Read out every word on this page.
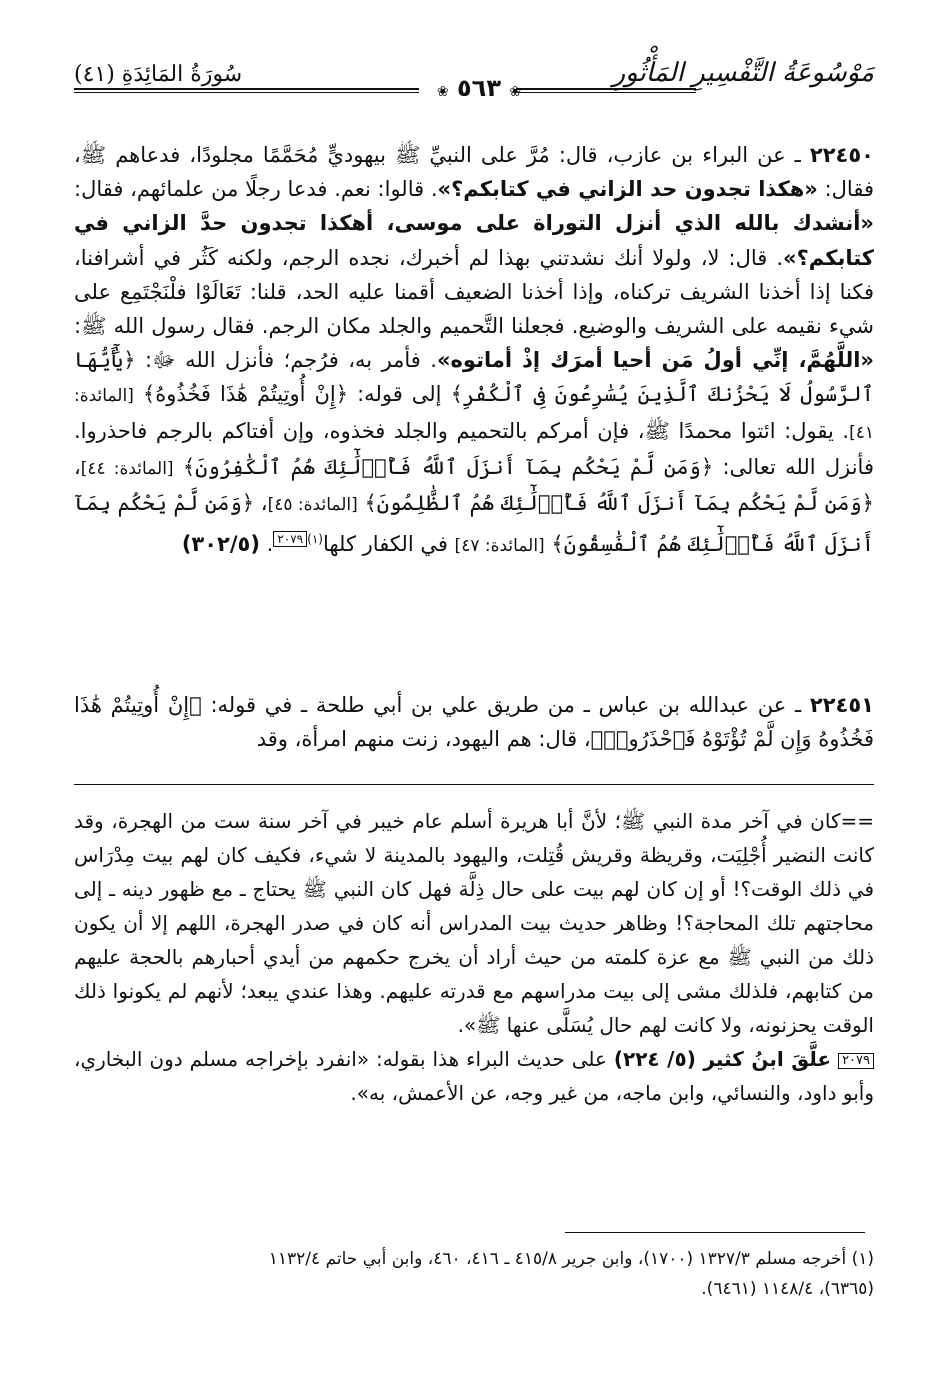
سُورَةُ المَائِدَةِ (٤١)
❀ ٥٦٣ ❀
مَوْسُوعَةُ التَّفْسِيرِ المَأْثُورِ

٢٢٤٥٠ ـ عن البراء بن عازب، قال: مُرَّ على النبيِّ ﷺ بيهوديٍّ مُحَمَّمًا مجلودًا، فدعاهم ﷺ، فقال: «هكذا تجدون حد الزاني في كتابكم؟». قالوا: نعم. فدعا رجلًا من علمائهم، فقال: «أنشدك بالله الذي أنزل التوراة على موسى، أهكذا تجدون حدَّ الزاني في كتابكم؟». قال: لا، ولولا أنك نشدتني بهذا لم أخبرك، نجده الرجم، ولكنه كَثُر في أشرافنا، فكنا إذا أخذنا الشريف تركناه، وإذا أخذنا الضعيف أقمنا عليه الحد، قلنا: تَعَالَوْا فلْنَجْتَمِع على شيء نقيمه على الشريف والوضيع. فجعلنا التَّحميم والجلد مكان الرجم. فقال رسول الله ﷺ: «اللَّهُمَّ، إنِّي أولُ مَن أحيا أمرَك إذْ أماتوه». فأمر به، فرُجم؛ فأنزل الله ﷻ: ﴿يَٰٓأَيُّهَا ٱلرَّسُولُ لَا يَحْزُنكَ ٱلَّذِينَ يُسَٰرِعُونَ فِى ٱلْكُفْرِ﴾ إلى قوله: ﴿إِنْ أُوتِيتُمْ هَٰذَا فَخُذُوهُ﴾ [المائدة: ٤١]. يقول: ائتوا محمدًا ﷺ، فإن أمركم بالتحميم والجلد فخذوه، وإن أفتاكم بالرجم فاحذروا. فأنزل الله تعالى: ﴿وَمَن لَّمْ يَحْكُم بِمَآ أَنزَلَ ٱللَّهُ فَأُو۟لَٰٓئِكَ هُمُ ٱلْكَٰفِرُونَ﴾ [المائدة: ٤٤]، ﴿وَمَن لَّمْ يَحْكُم بِمَآ أَنزَلَ ٱللَّهُ فَأُو۟لَٰٓئِكَ هُمُ ٱلظَّٰلِمُونَ﴾ [المائدة: ٤٥]، ﴿وَمَن لَّمْ يَحْكُم بِمَآ أَنزَلَ ٱللَّهُ فَأُو۟لَٰٓئِكَ هُمُ ٱلْفَٰسِقُونَ﴾ [المائدة: ٤٧] في الكفار كلها$^{(١)}$٢٠٧٩. (٣٠٢/٥)

٢٢٤٥١ ـ عن عبدالله بن عباس ـ من طريق علي بن أبي طلحة ـ في قوله: ﴿إِنْ أُوتِيتُمْ هَٰذَا فَخُذُوهُ وَإِن لَّمْ تُؤْتَوْهُ فَٱحْذَرُوا۟﴾، قال: هم اليهود، زنت منهم امرأة، وقد

==كان في آخر مدة النبي ﷺ؛ لأنَّ أبا هريرة أسلم عام خيبر في آخر سنة ست من الهجرة، وقد كانت النضير أُجْلِيَت، وقريظة وقريش قُتِلت، واليهود بالمدينة لا شيء، فكيف كان لهم بيت مِدْرَاس في ذلك الوقت؟! أو إن كان لهم بيت على حال ذِلَّة فهل كان النبي ﷺ يحتاج ـ مع ظهور دينه ـ إلى محاجتهم تلك المحاجة؟! وظاهر حديث بيت المدراس أنه كان في صدر الهجرة، اللهم إلا أن يكون ذلك من النبي ﷺ مع عزة كلمته من حيث أراد أن يخرج حكمهم من أيدي أحبارهم بالحجة عليهم من كتابهم، فلذلك مشى إلى بيت مدراسهم مع قدرته عليهم. وهذا عندي يبعد؛ لأنهم لم يكونوا ذلك الوقت يحزنونه، ولا كانت لهم حال يُسَلَّى عنها ﷺ».

٢٠٧٩ علَّقَ ابنُ كثير (٥/ ٢٢٤) على حديث البراء هذا بقوله: «انفرد بإخراجه مسلم دون البخاري، وأبو داود، والنسائي، وابن ماجه، من غير وجه، عن الأعمش، به».

(١) أخرجه مسلم ١٣٢٧/٣ (١٧٠٠)، وابن جرير ٤١٥/٨ ـ ٤١٦، ٤٦٠، وابن أبي حاتم ١١٣٢/٤

(٦٣٦٥)، ١١٤٨/٤ (٦٤٦١).
